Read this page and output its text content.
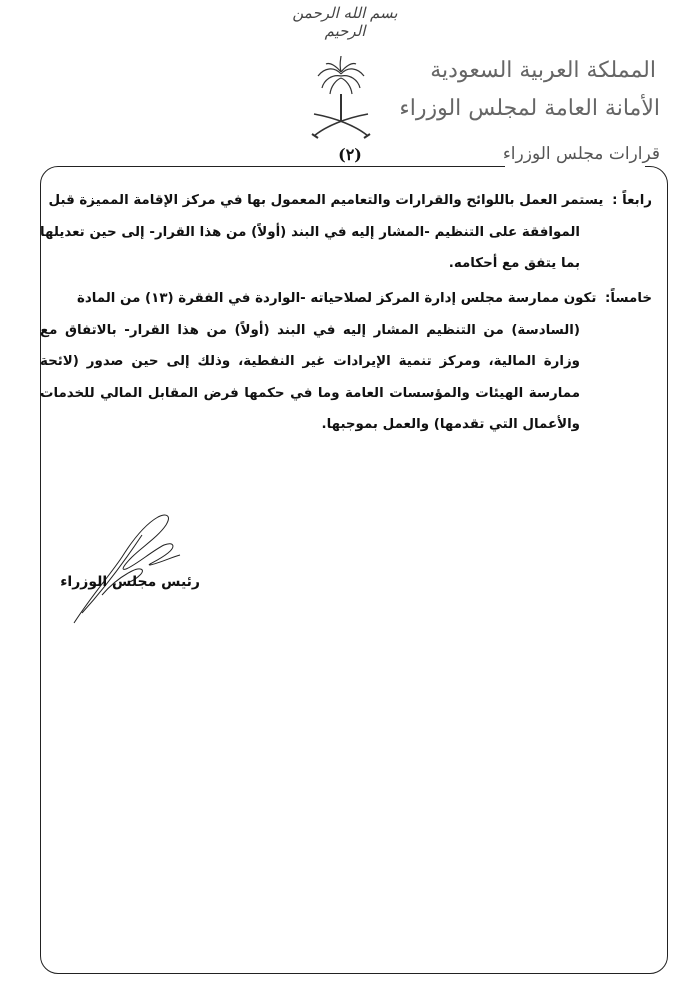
بسم الله الرحمن الرحيم
المملكة العربية السعودية
الأمانة العامة لمجلس الوزراء
(٢)	قرارات مجلس الوزراء
رابعاً : يستمر العمل باللوائح والقرارات والتعاميم المعمول بها في مركز الإقامة المميزة قبل
الموافقة على التنظيم -المشار إليه في البند (أولاً) من هذا القرار- إلى حين تعديلها بما يتفق مع أحكامه.
خامساً: تكون ممارسة مجلس إدارة المركز لصلاحياته -الواردة في الفقرة (١٣) من المادة
(السادسة) من التنظيم المشار إليه في البند (أولاً) من هذا القرار- بالاتفاق مع وزارة المالية، ومركز تنمية الإيرادات غير النفطية، وذلك إلى حين صدور (لائحة ممارسة الهيئات والمؤسسات العامة وما في حكمها فرض المقابل المالي للخدمات والأعمال التي تقدمها) والعمل بموجبها.
رئيس مجلس الوزراء
